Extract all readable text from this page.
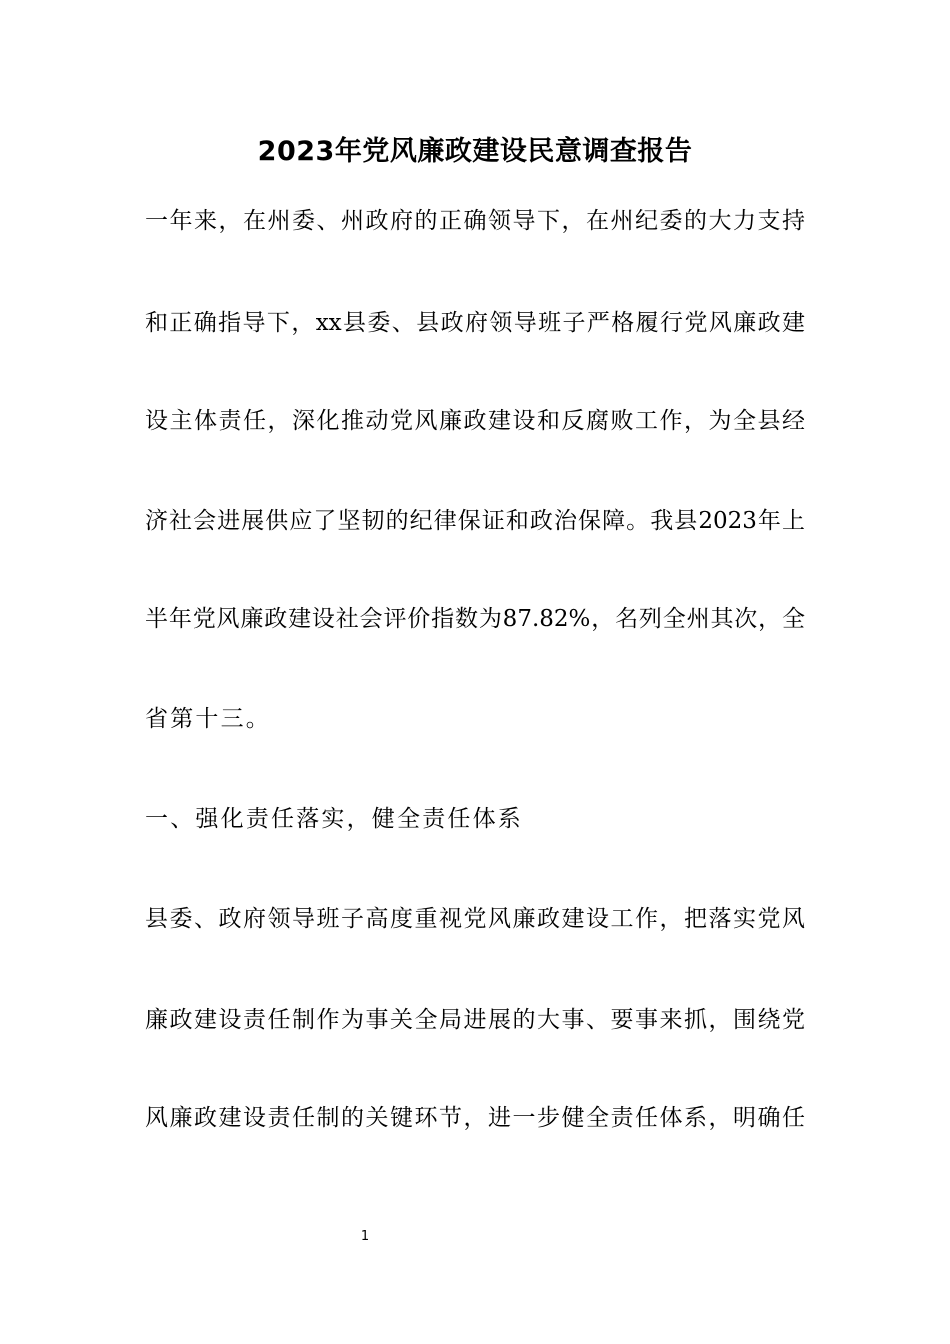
2023年党风廉政建设民意调查报告
一年来，在州委、州政府的正确领导下，在州纪委的大力支持
和正确指导下，xx县委、县政府领导班子严格履行党风廉政建
设主体责任，深化推动党风廉政建设和反腐败工作，为全县经
济社会进展供应了坚韧的纪律保证和政治保障。我县2023年上
半年党风廉政建设社会评价指数为87.82%，名列全州其次，全
省第十三。
一、强化责任落实，健全责任体系
县委、政府领导班子高度重视党风廉政建设工作，把落实党风
廉政建设责任制作为事关全局进展的大事、要事来抓，围绕党
风廉政建设责任制的关键环节，进一步健全责任体系，明确任
1
